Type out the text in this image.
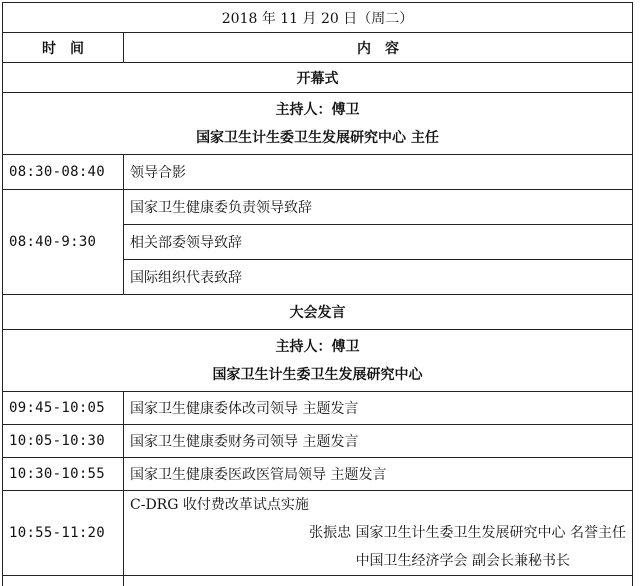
2018 年 11 月 20 日（周二）	
时　间	内　容
开幕式	

主持人：傅卫
国家卫生计生委卫生发展研究中心 主任	

08:30-08:40	领导合影
08:40-9:30	国家卫生健康委负责领导致辞
	相关部委领导致辞
	国际组织代表致辞
大会发言	

主持人：傅卫
国家卫生计生委卫生发展研究中心	

09:45-10:05	国家卫生健康委体改司领导 主题发言
10:05-10:30	国家卫生健康委财务司领导 主题发言
10:30-10:55	国家卫生健康委医政医管局领导 主题发言
10:55-11:20	C-DRG 收付费改革试点实施
张振忠 国家卫生计生委卫生发展研究中心 名誉主任
中国卫生经济学会 副会长兼秘书长
